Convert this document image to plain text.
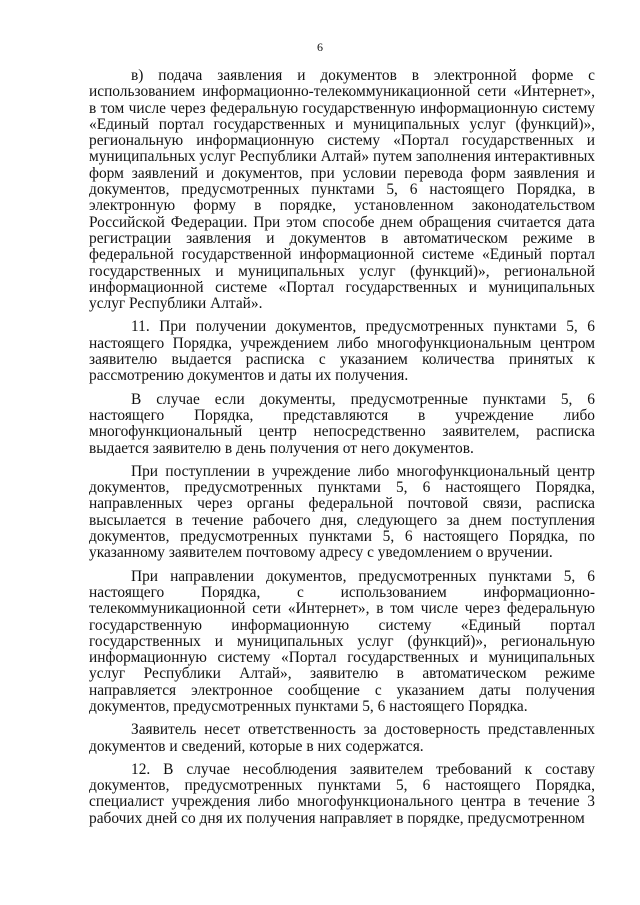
6

в) подача заявления и документов в электронной форме с использованием информационно-телекоммуникационной сети «Интернет», в том числе через федеральную государственную информационную систему «Единый портал государственных и муниципальных услуг (функций)», региональную информационную систему «Портал государственных и муниципальных услуг Республики Алтай» путем заполнения интерактивных форм заявлений и документов, при условии перевода форм заявления и документов, предусмотренных пунктами 5, 6 настоящего Порядка, в электронную форму в порядке, установленном законодательством Российской Федерации. При этом способе днем обращения считается дата регистрации заявления и документов в автоматическом режиме в федеральной государственной информационной системе «Единый портал государственных и муниципальных услуг (функций)», региональной информационной системе «Портал государственных и муниципальных услуг Республики Алтай».

11. При получении документов, предусмотренных пунктами 5, 6 настоящего Порядка, учреждением либо многофункциональным центром заявителю выдается расписка с указанием количества принятых к рассмотрению документов и даты их получения.

В случае если документы, предусмотренные пунктами 5, 6 настоящего Порядка, представляются в учреждение либо многофункциональный центр непосредственно заявителем, расписка выдается заявителю в день получения от него документов.

При поступлении в учреждение либо многофункциональный центр документов, предусмотренных пунктами 5, 6 настоящего Порядка, направленных через органы федеральной почтовой связи, расписка высылается в течение рабочего дня, следующего за днем поступления документов, предусмотренных пунктами 5, 6 настоящего Порядка, по указанному заявителем почтовому адресу с уведомлением о вручении.

При направлении документов, предусмотренных пунктами 5, 6 настоящего Порядка, с использованием информационно-телекоммуникационной сети «Интернет», в том числе через федеральную государственную информационную систему «Единый портал государственных и муниципальных услуг (функций)», региональную информационную систему «Портал государственных и муниципальных услуг Республики Алтай», заявителю в автоматическом режиме направляется электронное сообщение с указанием даты получения документов, предусмотренных пунктами 5, 6 настоящего Порядка.

Заявитель несет ответственность за достоверность представленных документов и сведений, которые в них содержатся.

12. В случае несоблюдения заявителем требований к составу документов, предусмотренных пунктами 5, 6 настоящего Порядка, специалист учреждения либо многофункционального центра в течение 3 рабочих дней со дня их получения направляет в порядке, предусмотренном
